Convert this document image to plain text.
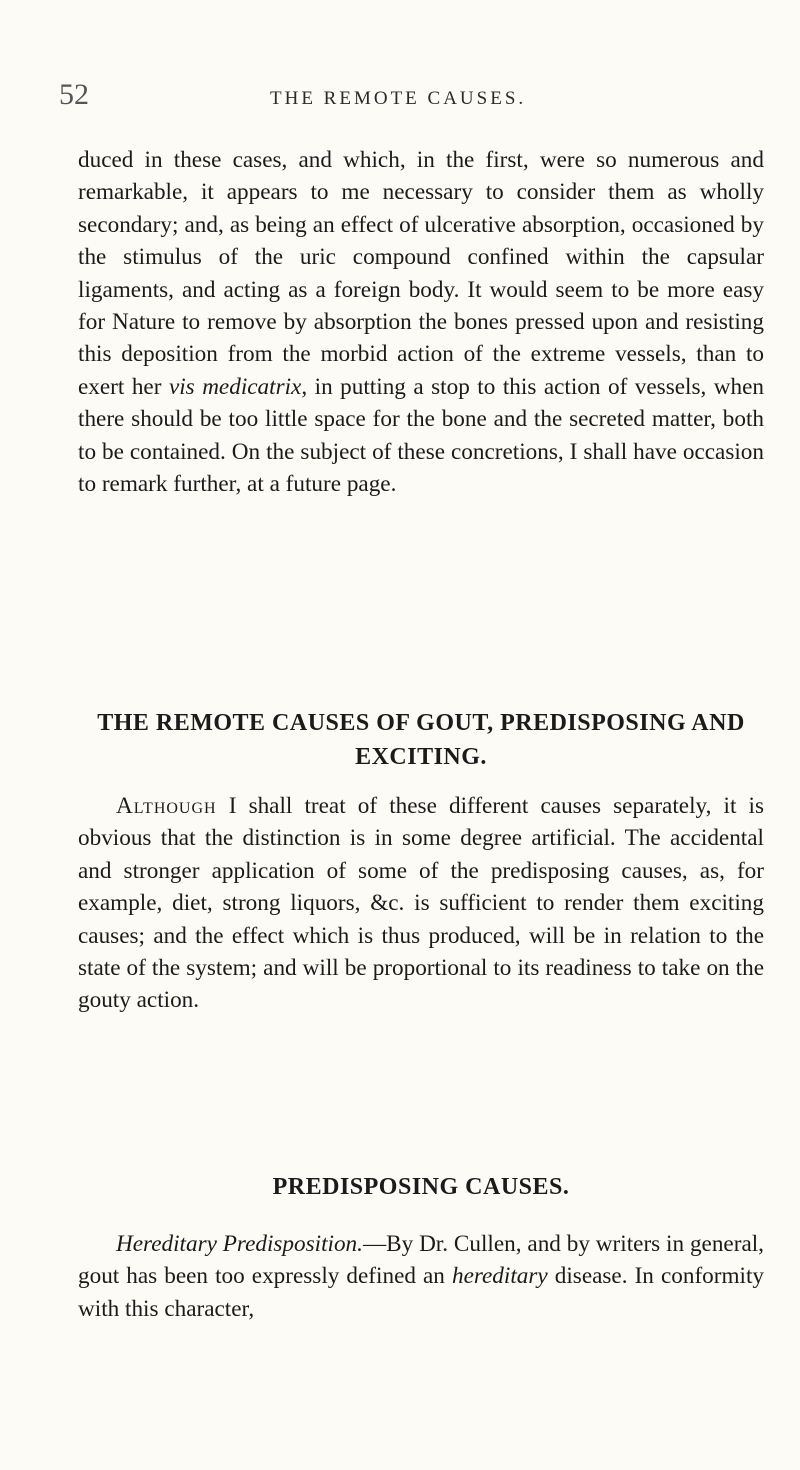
52	THE REMOTE CAUSES.

duced in these cases, and which, in the first, were so numerous and remarkable, it appears to me necessary to consider them as wholly secondary; and, as being an effect of ulcerative absorption, occasioned by the stimulus of the uric compound confined within the capsular ligaments, and acting as a foreign body. It would seem to be more easy for Nature to remove by absorption the bones pressed upon and resisting this deposition from the morbid action of the extreme vessels, than to exert her vis medicatrix, in putting a stop to this action of vessels, when there should be too little space for the bone and the secreted matter, both to be contained. On the subject of these concretions, I shall have occasion to remark further, at a future page.

THE REMOTE CAUSES OF GOUT, PREDISPOSING AND EXCITING.

Although I shall treat of these different causes separately, it is obvious that the distinction is in some degree artificial. The accidental and stronger application of some of the predisposing causes, as, for example, diet, strong liquors, &c. is sufficient to render them exciting causes; and the effect which is thus produced, will be in relation to the state of the system; and will be proportional to its readiness to take on the gouty action.

PREDISPOSING CAUSES.

Hereditary Predisposition.—By Dr. Cullen, and by writers in general, gout has been too expressly defined an hereditary disease. In conformity with this character,
